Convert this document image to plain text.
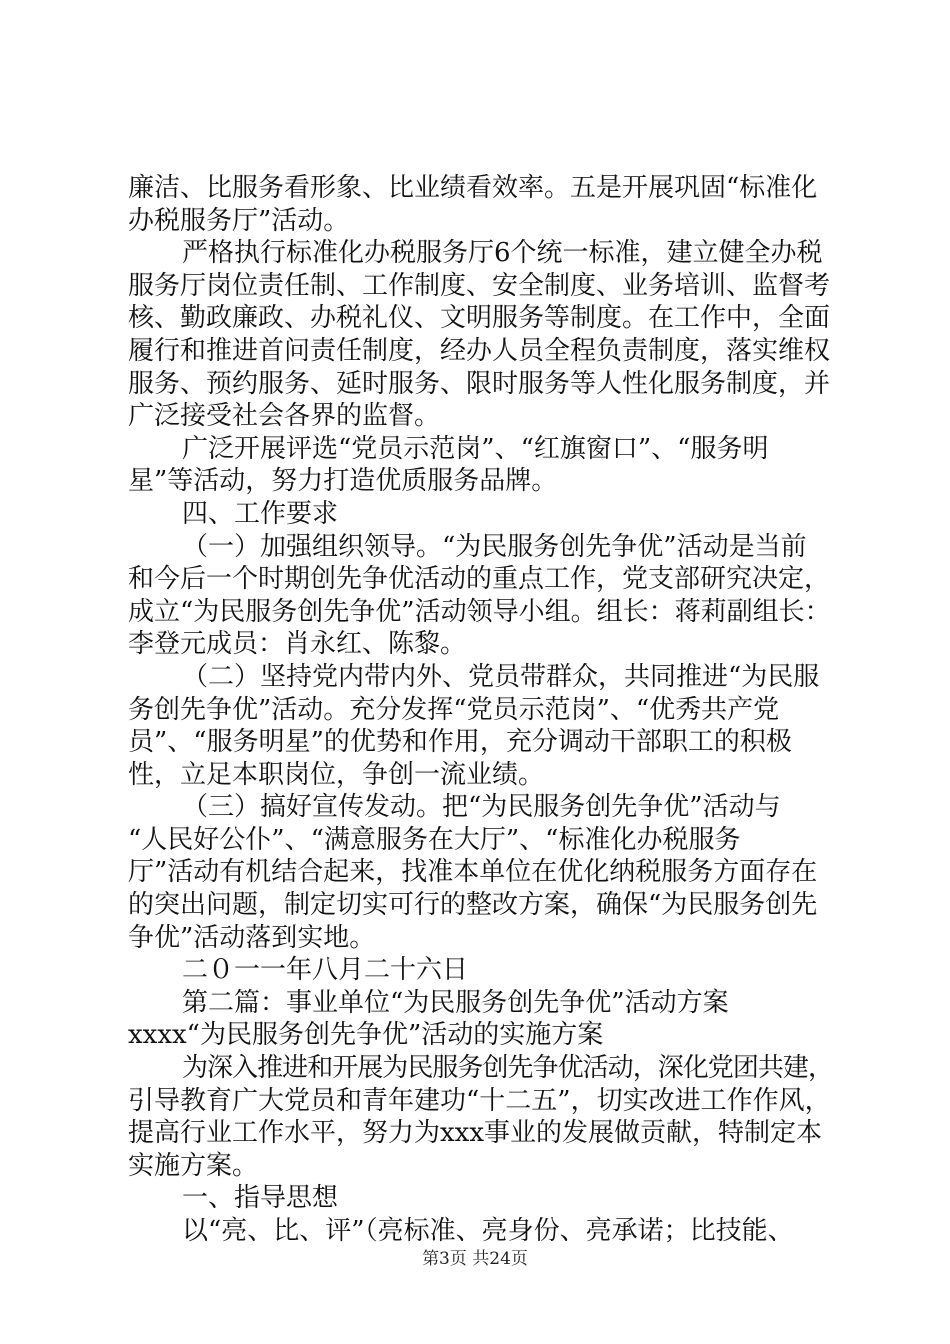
廉洁、比服务看形象、比业绩看效率。五是开展巩固“标准化
办税服务厅”活动。
严格执行标准化办税服务厅6个统一标准，建立健全办税
服务厅岗位责任制、工作制度、安全制度、业务培训、监督考
核、勤政廉政、办税礼仪、文明服务等制度。在工作中，全面
履行和推进首问责任制度，经办人员全程负责制度，落实维权
服务、预约服务、延时服务、限时服务等人性化服务制度，并
广泛接受社会各界的监督。
广泛开展评选“党员示范岗”、“红旗窗口”、“服务明
星”等活动，努力打造优质服务品牌。
四、工作要求
（一）加强组织领导。“为民服务创先争优”活动是当前
和今后一个时期创先争优活动的重点工作，党支部研究决定，
成立“为民服务创先争优”活动领导小组。组长：蒋莉副组长：
李登元成员：肖永红、陈黎。
（二）坚持党内带内外、党员带群众，共同推进“为民服
务创先争优”活动。充分发挥“党员示范岗”、“优秀共产党
员”、“服务明星”的优势和作用，充分调动干部职工的积极
性，立足本职岗位，争创一流业绩。
（三）搞好宣传发动。把“为民服务创先争优”活动与
“人民好公仆”、“满意服务在大厅”、“标准化办税服务
厅”活动有机结合起来，找准本单位在优化纳税服务方面存在
的突出问题，制定切实可行的整改方案，确保“为民服务创先
争优”活动落到实地。
二０一一年八月二十六日
第二篇：事业单位“为民服务创先争优”活动方案
xxxx“为民服务创先争优”活动的实施方案
为深入推进和开展为民服务创先争优活动，深化党团共建，
引导教育广大党员和青年建功“十二五”，切实改进工作作风，
提高行业工作水平，努力为xxx事业的发展做贡献，特制定本
实施方案。
一、指导思想
以“亮、比、评”（亮标准、亮身份、亮承诺；比技能、
第3页 共24页
